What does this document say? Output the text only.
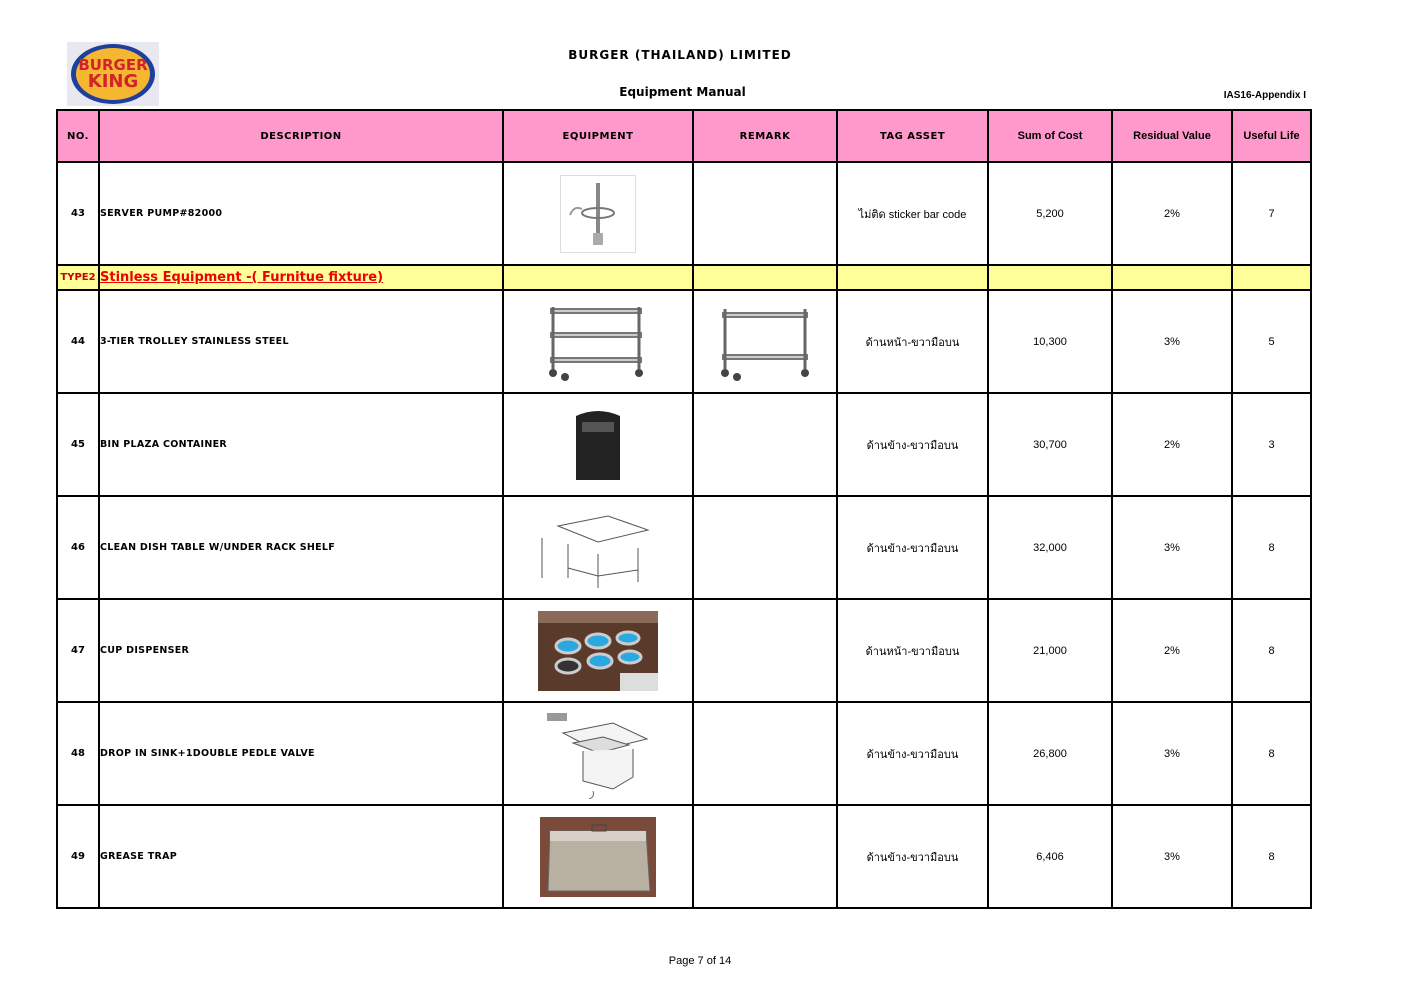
BURGER
KING
BURGER (THAILAND) LIMITED
Equipment Manual	IAS16-Appendix I
NO.	DESCRIPTION	EQUIPMENT	REMARK	TAG ASSET	Sum of Cost	Residual Value	Useful Life
43	SERVER PUMP#82000			ไม่ติด sticker bar code	5,200	2%	7
TYPE2	Stinless Equipment -( Furnitue fixture)						
44	3-TIER TROLLEY STAINLESS STEEL			ด้านหน้า-ขวามือบน	10,300	3%	5
45	BIN PLAZA CONTAINER			ด้านข้าง-ขวามือบน	30,700	2%	3
46	CLEAN DISH TABLE W/UNDER RACK SHELF			ด้านข้าง-ขวามือบน	32,000	3%	8
47	CUP DISPENSER			ด้านหน้า-ขวามือบน	21,000	2%	8
48	DROP IN SINK+1DOUBLE PEDLE VALVE			ด้านข้าง-ขวามือบน	26,800	3%	8
49	GREASE TRAP			ด้านข้าง-ขวามือบน	6,406	3%	8
Page 7 of 14
